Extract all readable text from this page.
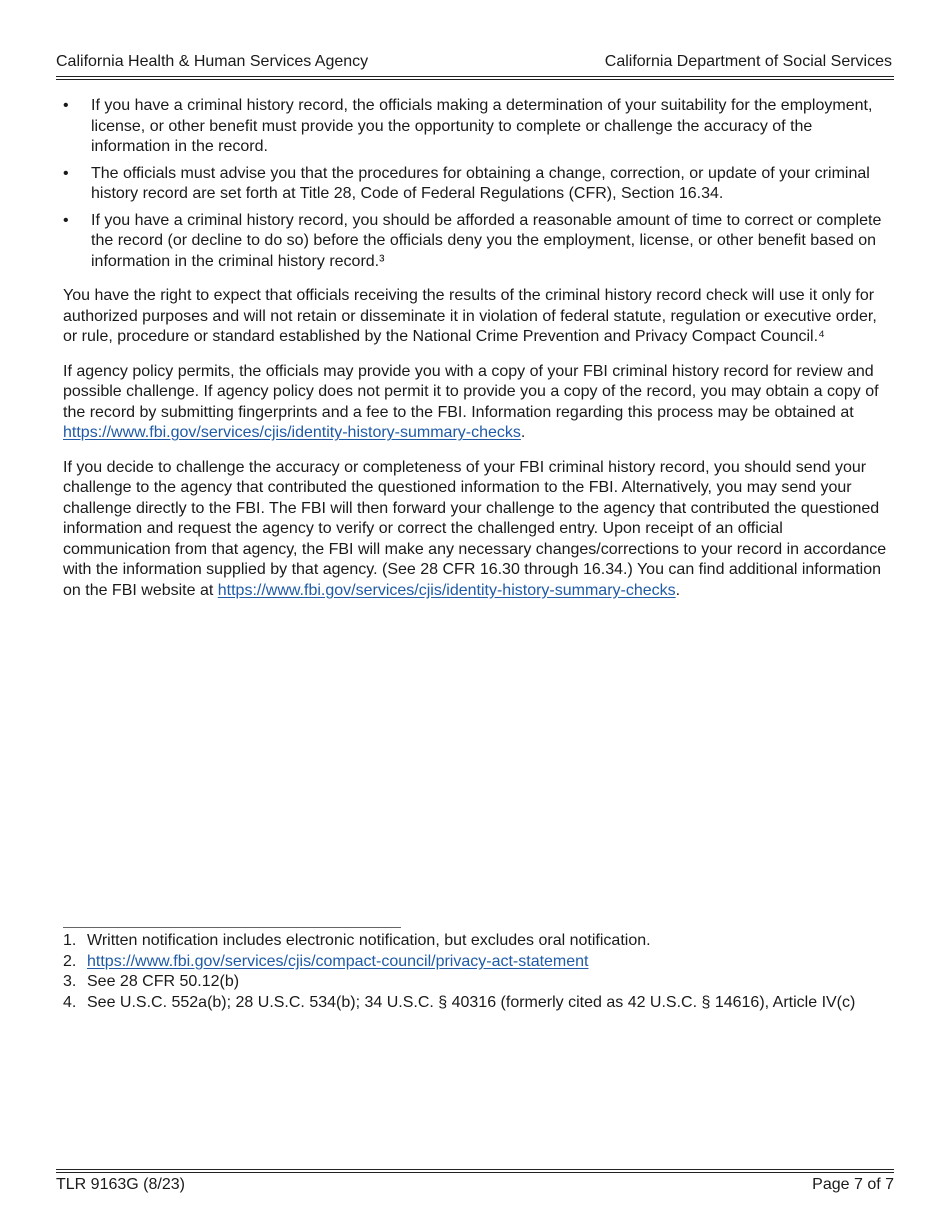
California Health & Human Services Agency	California Department of Social Services
• If you have a criminal history record, the officials making a determination of your suitability for the employment, license, or other benefit must provide you the opportunity to complete or challenge the accuracy of the information in the record.
• The officials must advise you that the procedures for obtaining a change, correction, or update of your criminal history record are set forth at Title 28, Code of Federal Regulations (CFR), Section 16.34.
• If you have a criminal history record, you should be afforded a reasonable amount of time to correct or complete the record (or decline to do so) before the officials deny you the employment, license, or other benefit based on information in the criminal history record.³

You have the right to expect that officials receiving the results of the criminal history record check will use it only for authorized purposes and will not retain or disseminate it in violation of federal statute, regulation or executive order, or rule, procedure or standard established by the National Crime Prevention and Privacy Compact Council.⁴

If agency policy permits, the officials may provide you with a copy of your FBI criminal history record for review and possible challenge. If agency policy does not permit it to provide you a copy of the record, you may obtain a copy of the record by submitting fingerprints and a fee to the FBI. Information regarding this process may be obtained at https://www.fbi.gov/services/cjis/identity-history-summary-checks.

If you decide to challenge the accuracy or completeness of your FBI criminal history record, you should send your challenge to the agency that contributed the questioned information to the FBI. Alternatively, you may send your challenge directly to the FBI. The FBI will then forward your challenge to the agency that contributed the questioned information and request the agency to verify or correct the challenged entry. Upon receipt of an official communication from that agency, the FBI will make any necessary changes/corrections to your record in accordance with the information supplied by that agency. (See 28 CFR 16.30 through 16.34.) You can find additional information on the FBI website at https://www.fbi.gov/services/cjis/identity-history-summary-checks.

1. Written notification includes electronic notification, but excludes oral notification.
2. https://www.fbi.gov/services/cjis/compact-council/privacy-act-statement
3. See 28 CFR 50.12(b)
4. See U.S.C. 552a(b); 28 U.S.C. 534(b); 34 U.S.C. § 40316 (formerly cited as 42 U.S.C. § 14616), Article IV(c)
TLR 9163G (8/23)	Page 7 of 7
